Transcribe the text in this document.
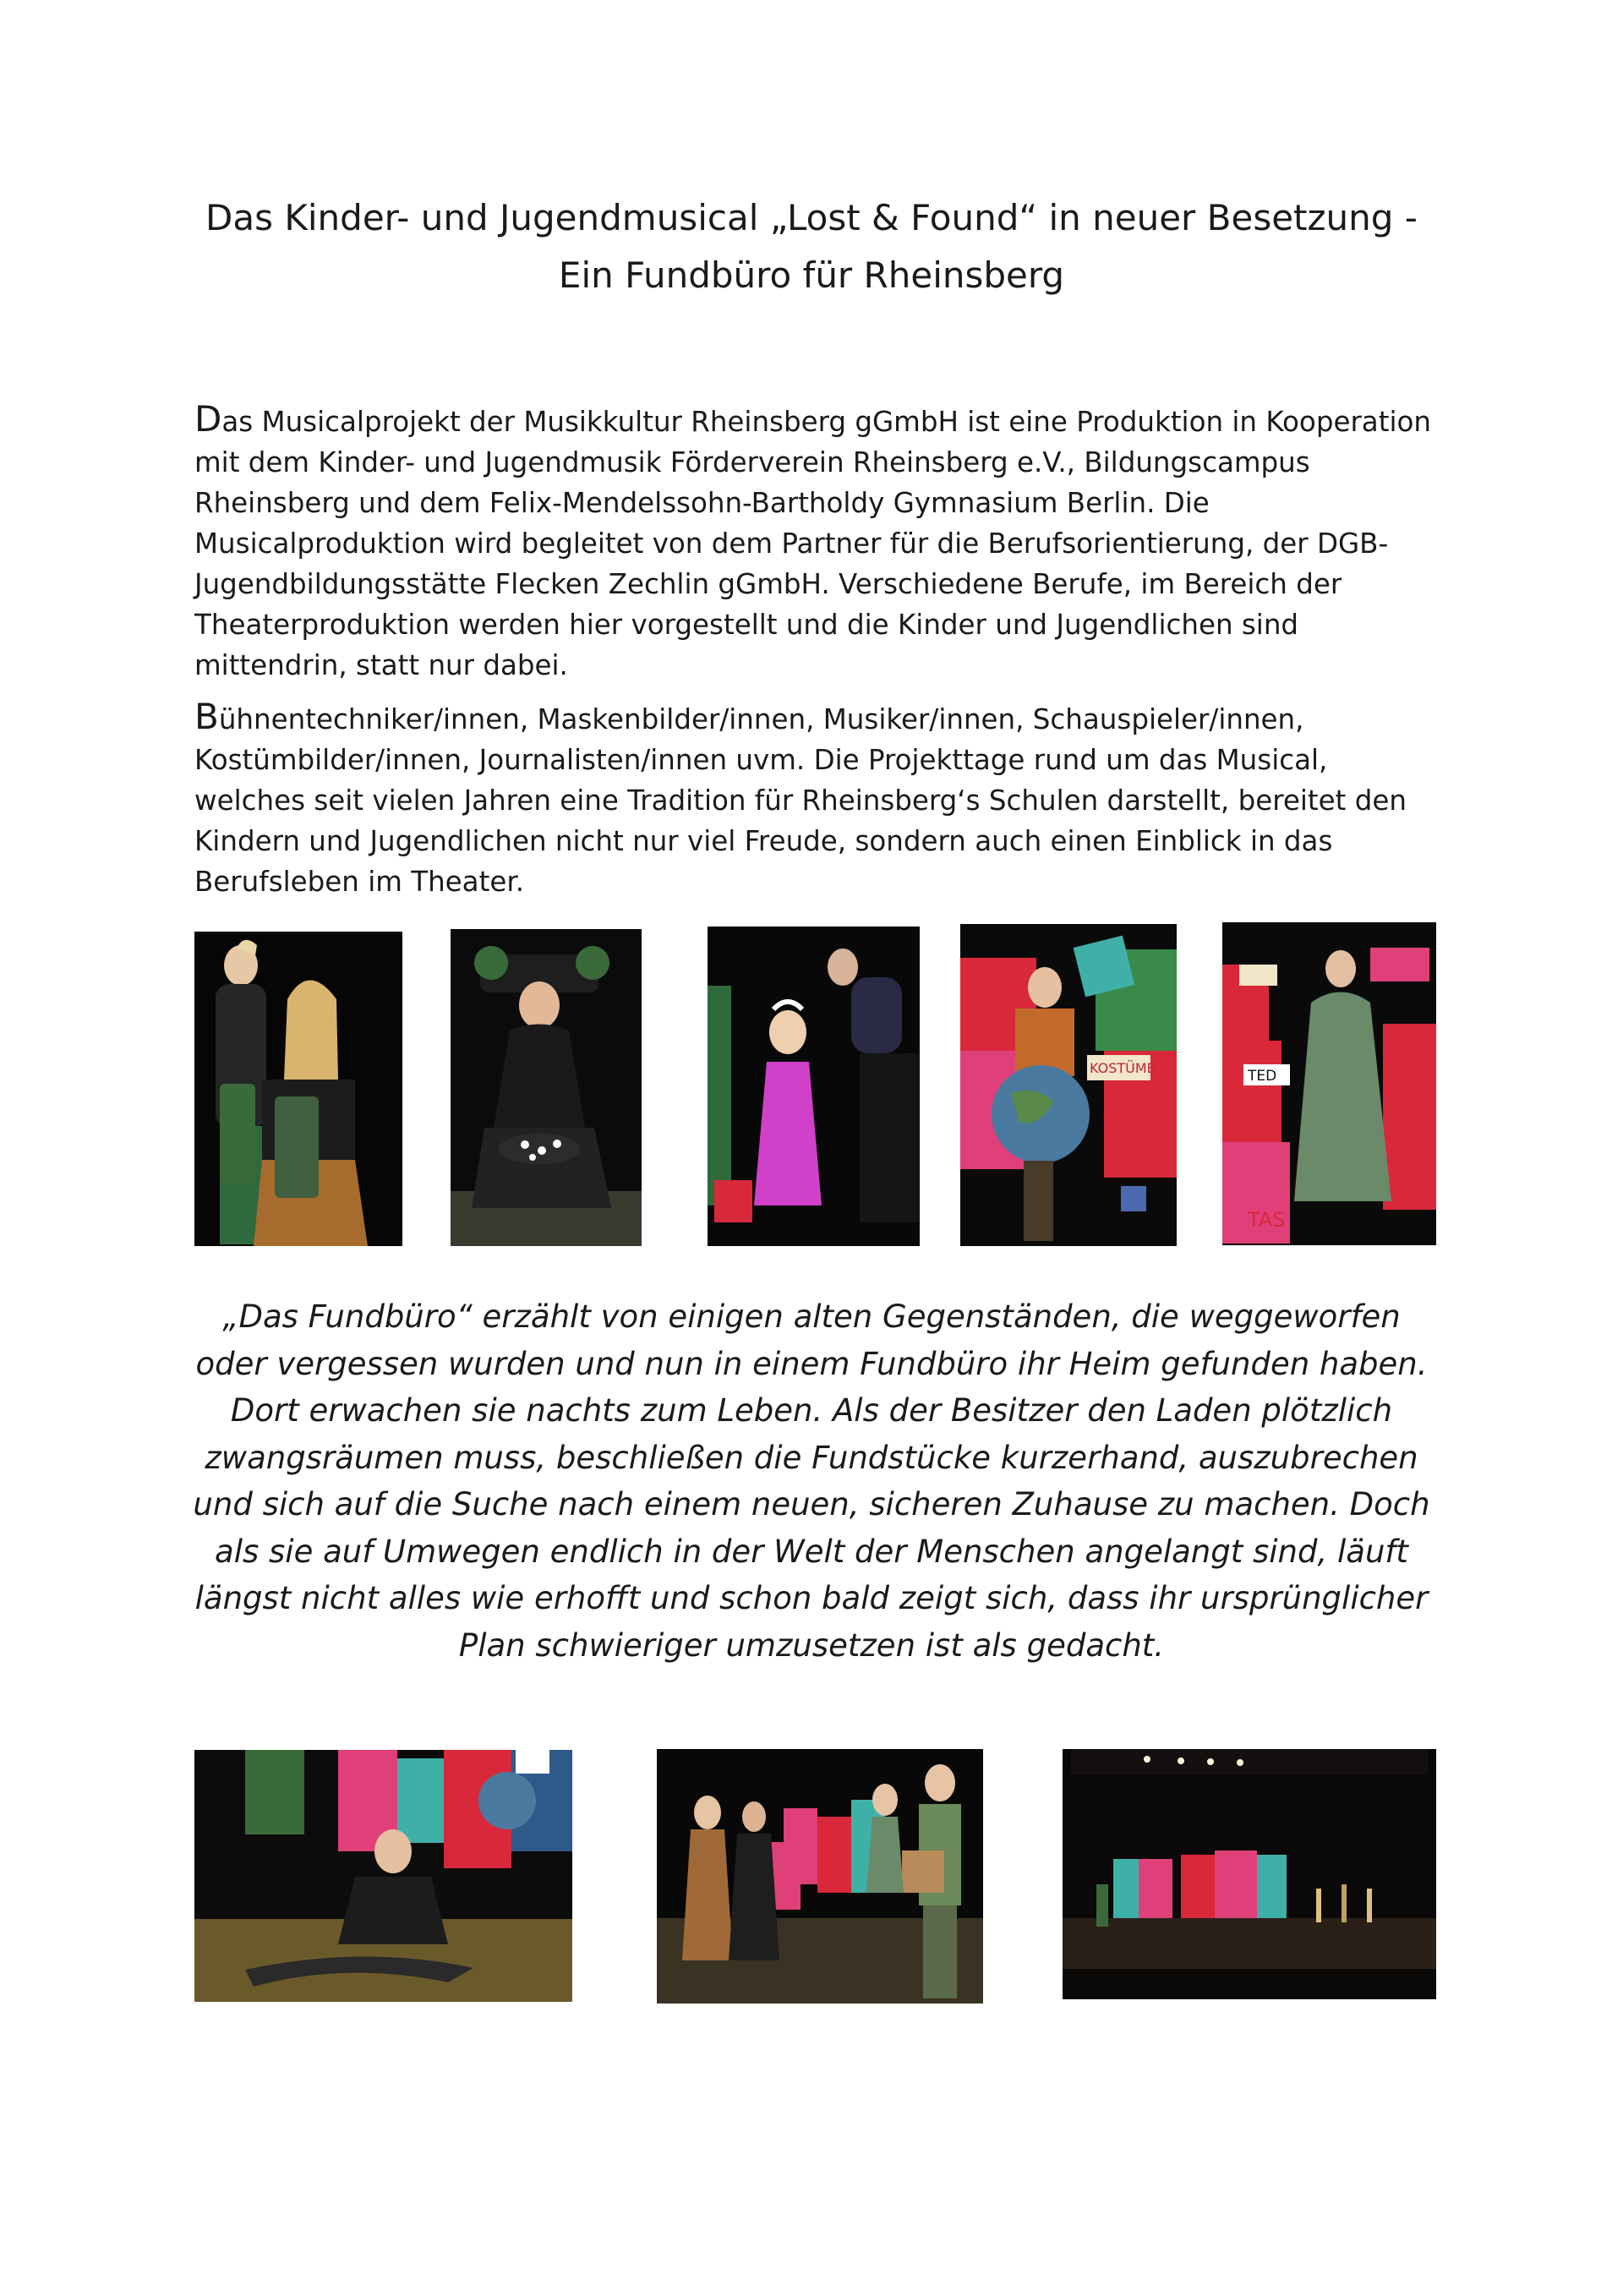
Das Kinder- und Jugendmusical „Lost & Found“ in neuer Besetzung -
Ein Fundbüro für Rheinsberg

Das Musicalprojekt der Musikkultur Rheinsberg gGmbH ist eine Produktion in Kooperation mit dem Kinder- und Jugendmusik Förderverein Rheinsberg e.V., Bildungscampus Rheinsberg und dem Felix-Mendelssohn-Bartholdy Gymnasium Berlin. Die Musicalproduktion wird begleitet von dem Partner für die Berufsorientierung, der DGB-Jugendbildungsstätte Flecken Zechlin gGmbH. Verschiedene Berufe, im Bereich der Theaterproduktion werden hier vorgestellt und die Kinder und Jugendlichen sind mittendrin, statt nur dabei.

Bühnentechniker/innen, Maskenbilder/innen, Musiker/innen, Schauspieler/innen, Kostümbilder/innen, Journalisten/innen uvm. Die Projekttage rund um das Musical, welches seit vielen Jahren eine Tradition für Rheinsberg‘s Schulen darstellt, bereitet den Kindern und Jugendlichen nicht nur viel Freude, sondern auch einen Einblick in das Berufsleben im Theater.

KOSTÜME	TED
TAS

„Das Fundbüro“ erzählt von einigen alten Gegenständen, die weggeworfen oder vergessen wurden und nun in einem Fundbüro ihr Heim gefunden haben. Dort erwachen sie nachts zum Leben. Als der Besitzer den Laden plötzlich zwangsräumen muss, beschließen die Fundstücke kurzerhand, auszubrechen und sich auf die Suche nach einem neuen, sicheren Zuhause zu machen. Doch als sie auf Umwegen endlich in der Welt der Menschen angelangt sind, läuft längst nicht alles wie erhofft und schon bald zeigt sich, dass ihr ursprünglicher Plan schwieriger umzusetzen ist als gedacht.
